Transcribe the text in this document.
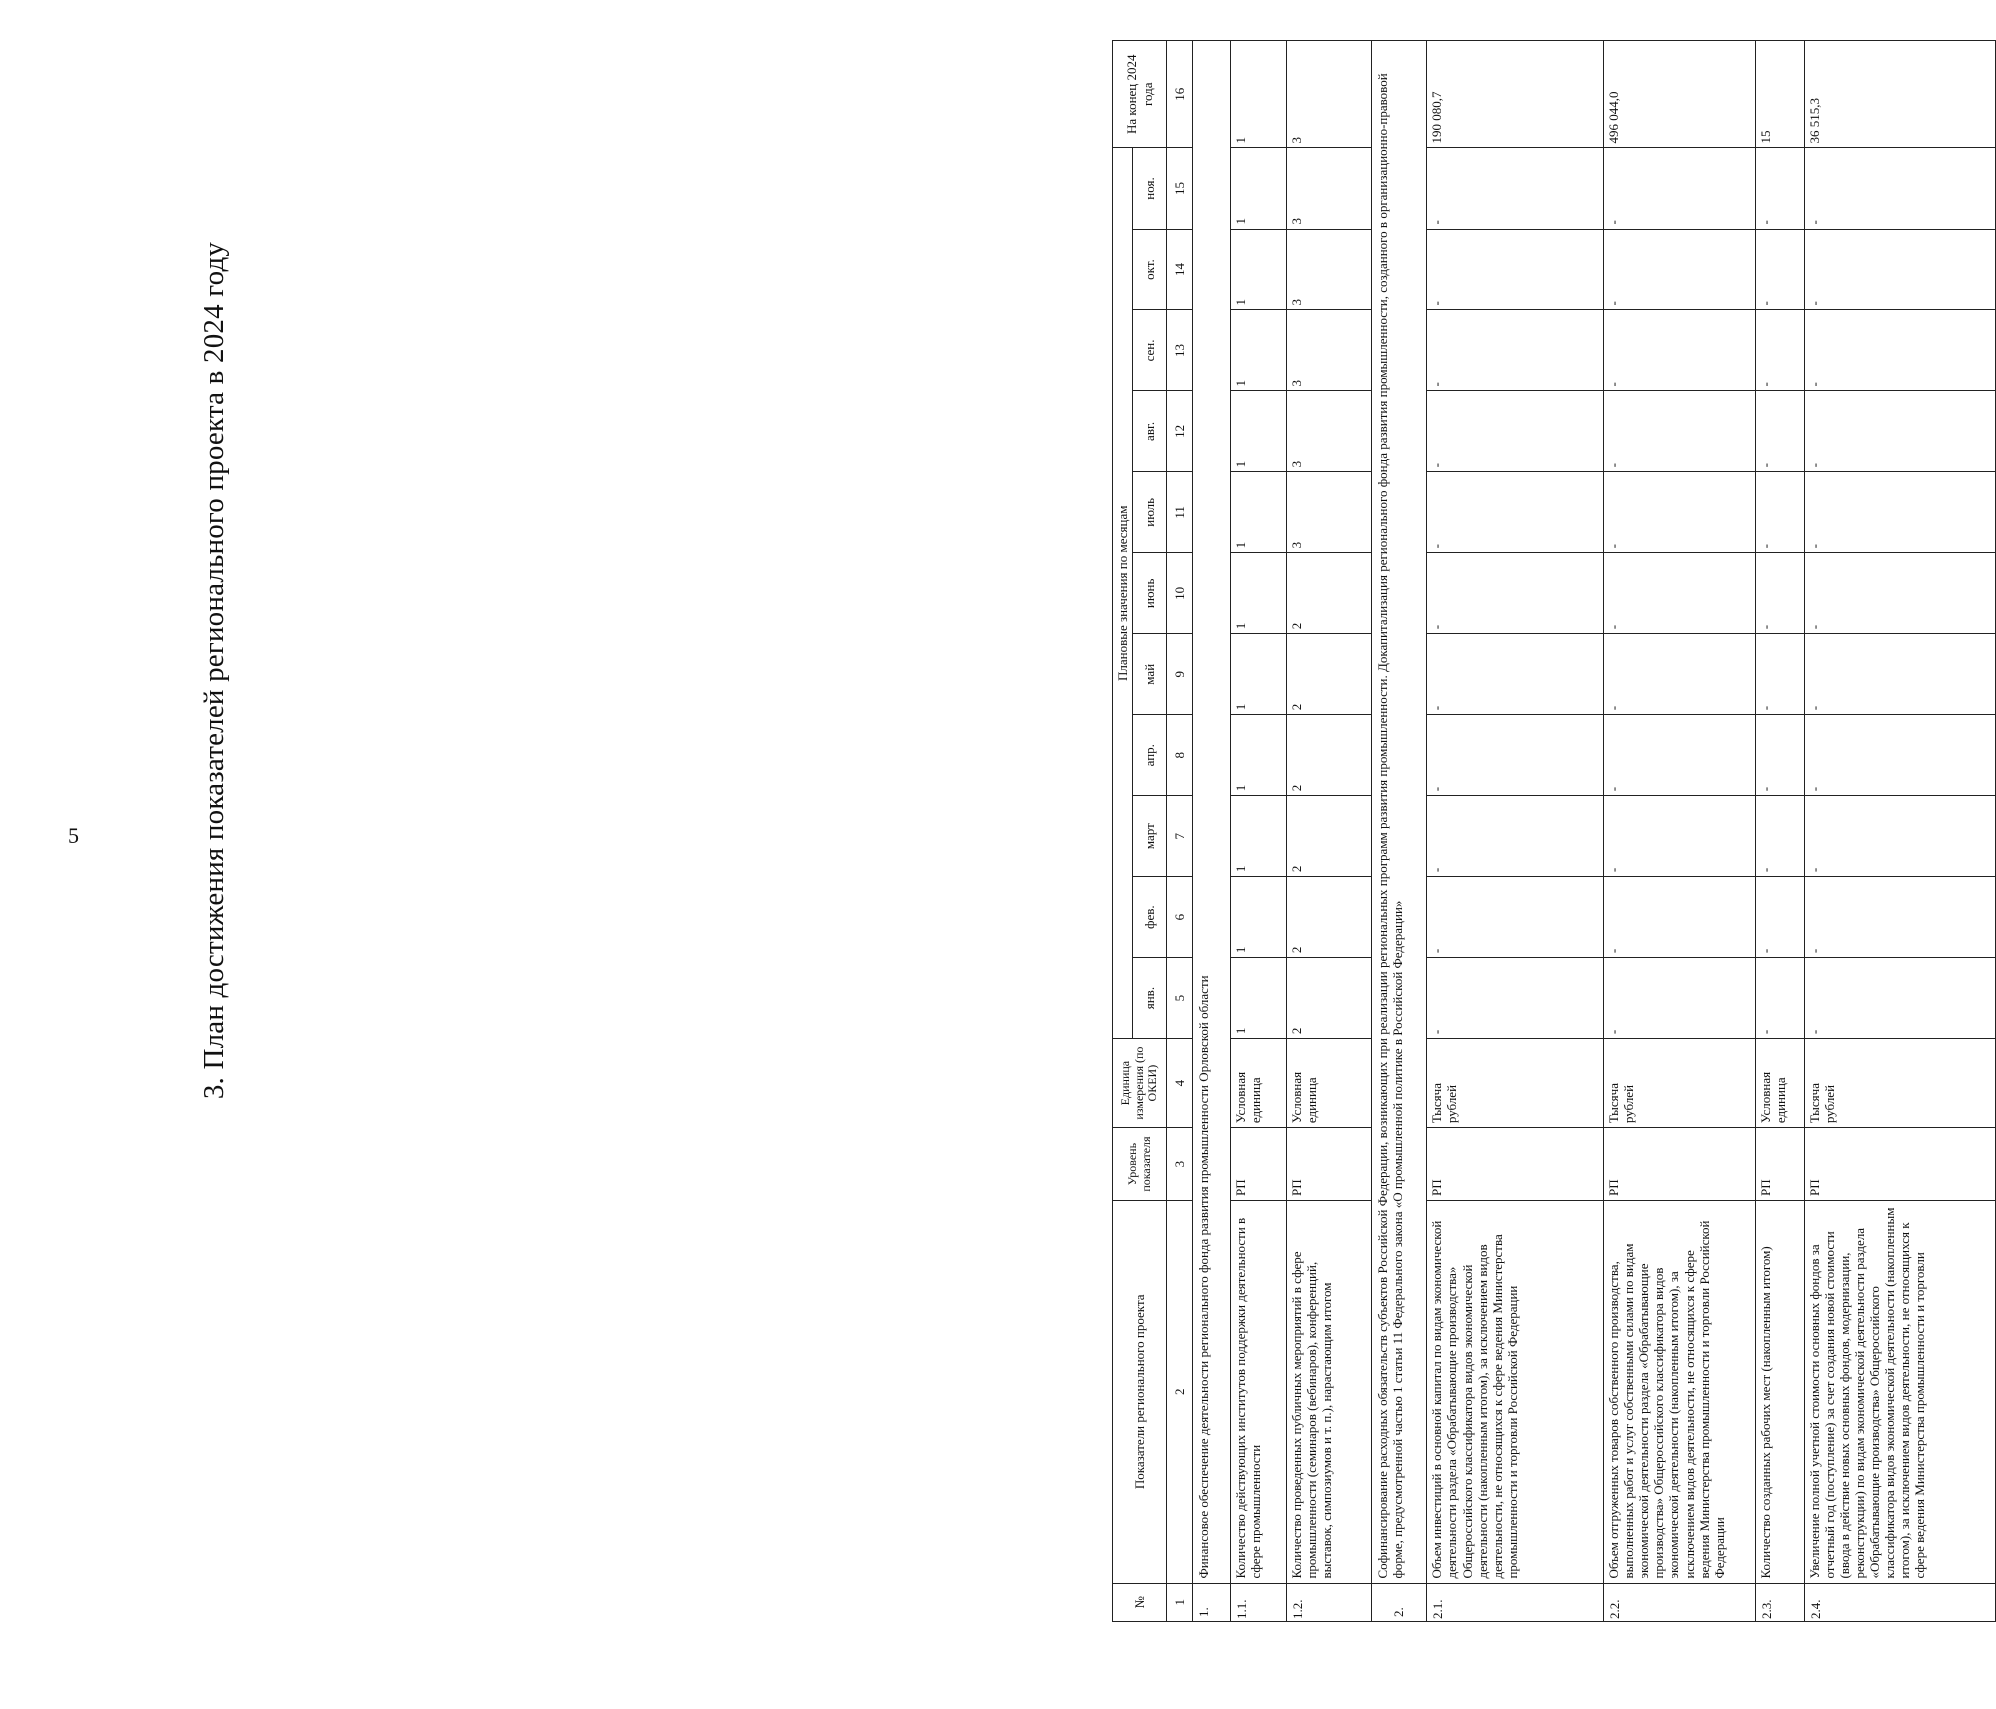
5	3. План достижения показателей регионального проекта в 2024 году
№	Показатели регионального проекта	Уровень показателя	Единица измерения (по ОКЕИ)	Плановые значения по месяцам											На конец 2024 года
				янв.	фев.	март	апр.	май	июнь	июль	авг.	сен.	окт.	ноя.	
1	2	3	4	5	6	7	8	9	10	11	12	13	14	15	16
1.	Финансовое обеспечение деятельности регионального фонда развития промышленности Орловской области														
1.1.	Количество действующих институтов поддержки деятельности в сфере промышленности	РП	Условная единица	1	1	1	1	1	1	1	1	1	1	1	1
1.2.	Количество проведенных публичных мероприятий в сфере промышленности (семинаров (вебинаров), конференций, выставок, симпозиумов и т. п.), нарастающим итогом	РП	Условная единица	2	2	2	2	2	2	3	3	3	3	3	3
2.	Софинансирование расходных обязательств субъектов Российской Федерации, возникающих при реализации региональных программ развития промышленности. Докапитализация регионального фонда развития промышленности, созданного в организационно-правовой форме, предусмотренной частью 1 статьи 11 Федерального закона «О промышленной политике в Российской Федерации»														
2.1.	Объем инвестиций в основной капитал по видам экономической деятельности раздела «Обрабатывающие производства» Общероссийского классификатора видов экономической деятельности (накопленным итогом), за исключением видов деятельности, не относящихся к сфере ведения Министерства промышленности и торговли Российской Федерации	РП	Тысяча рублей	-	-	-	-	-	-	-	-	-	-	-	190 080,7
2.2.	Объем отгруженных товаров собственного производства, выполненных работ и услуг собственными силами по видам экономической деятельности раздела «Обрабатывающие производства» Общероссийского классификатора видов экономической деятельности (накопленным итогом), за исключением видов деятельности, не относящихся к сфере ведения Министерства промышленности и торговли Российской Федерации	РП	Тысяча рублей	-	-	-	-	-	-	-	-	-	-	-	496 044,0
2.3.	Количество созданных рабочих мест (накопленным итогом)	РП	Условная единица	-	-	-	-	-	-	-	-	-	-	-	15
2.4.	Увеличение полной учетной стоимости основных фондов за отчетный год (поступление) за счет создания новой стоимости (ввода в действие новых основных фондов, модернизации, реконструкции) по видам экономической деятельности раздела «Обрабатывающие производства» Общероссийского классификатора видов экономической деятельности (накопленным итогом), за исключением видов деятельности, не относящихся к сфере ведения Министерства промышленности и торговли	РП	Тысяча рублей	-	-	-	-	-	-	-	-	-	-	-	36 515,3
